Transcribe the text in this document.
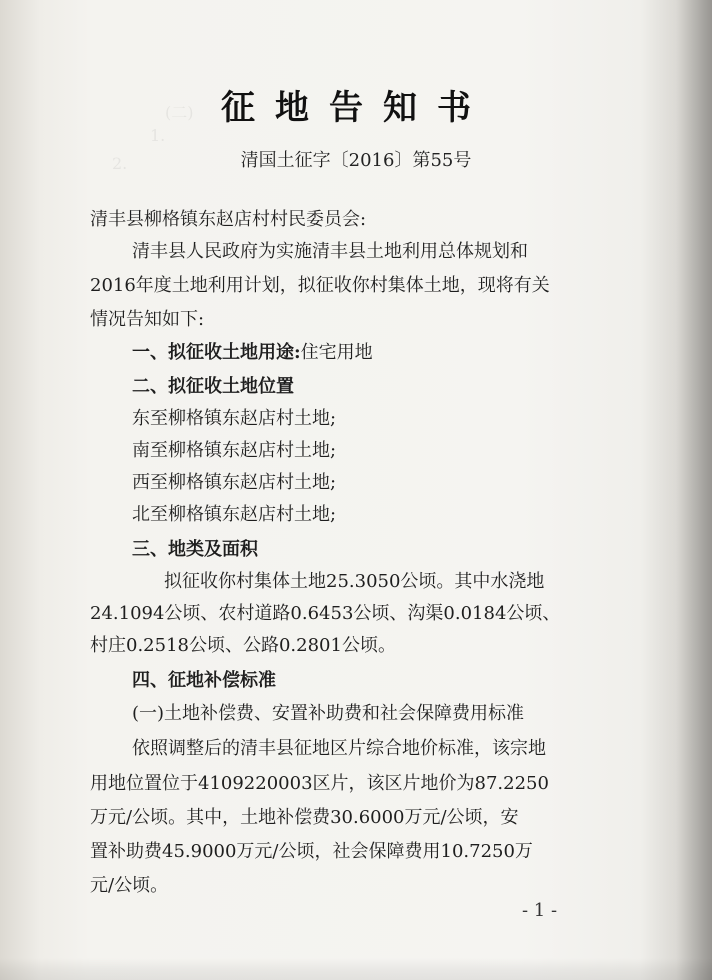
(二)
1.
2.
征地告知书
清国土征字〔2016〕第55号
清丰县柳格镇东赵店村村民委员会:
清丰县人民政府为实施清丰县土地利用总体规划和
2016年度土地利用计划，拟征收你村集体土地，现将有关
情况告知如下:
一、拟征收土地用途:住宅用地
二、拟征收土地位置
东至柳格镇东赵店村土地;
南至柳格镇东赵店村土地;
西至柳格镇东赵店村土地;
北至柳格镇东赵店村土地;
三、地类及面积
拟征收你村集体土地25.3050公顷。其中水浇地
24.1094公顷、农村道路0.6453公顷、沟渠0.0184公顷、
村庄0.2518公顷、公路0.2801公顷。
四、征地补偿标准
(一)土地补偿费、安置补助费和社会保障费用标准
依照调整后的清丰县征地区片综合地价标准，该宗地
用地位置位于4109220003区片，该区片地价为87.2250
万元/公顷。其中，土地补偿费30.6000万元/公顷，安
置补助费45.9000万元/公顷，社会保障费用10.7250万
元/公顷。
- 1 -
